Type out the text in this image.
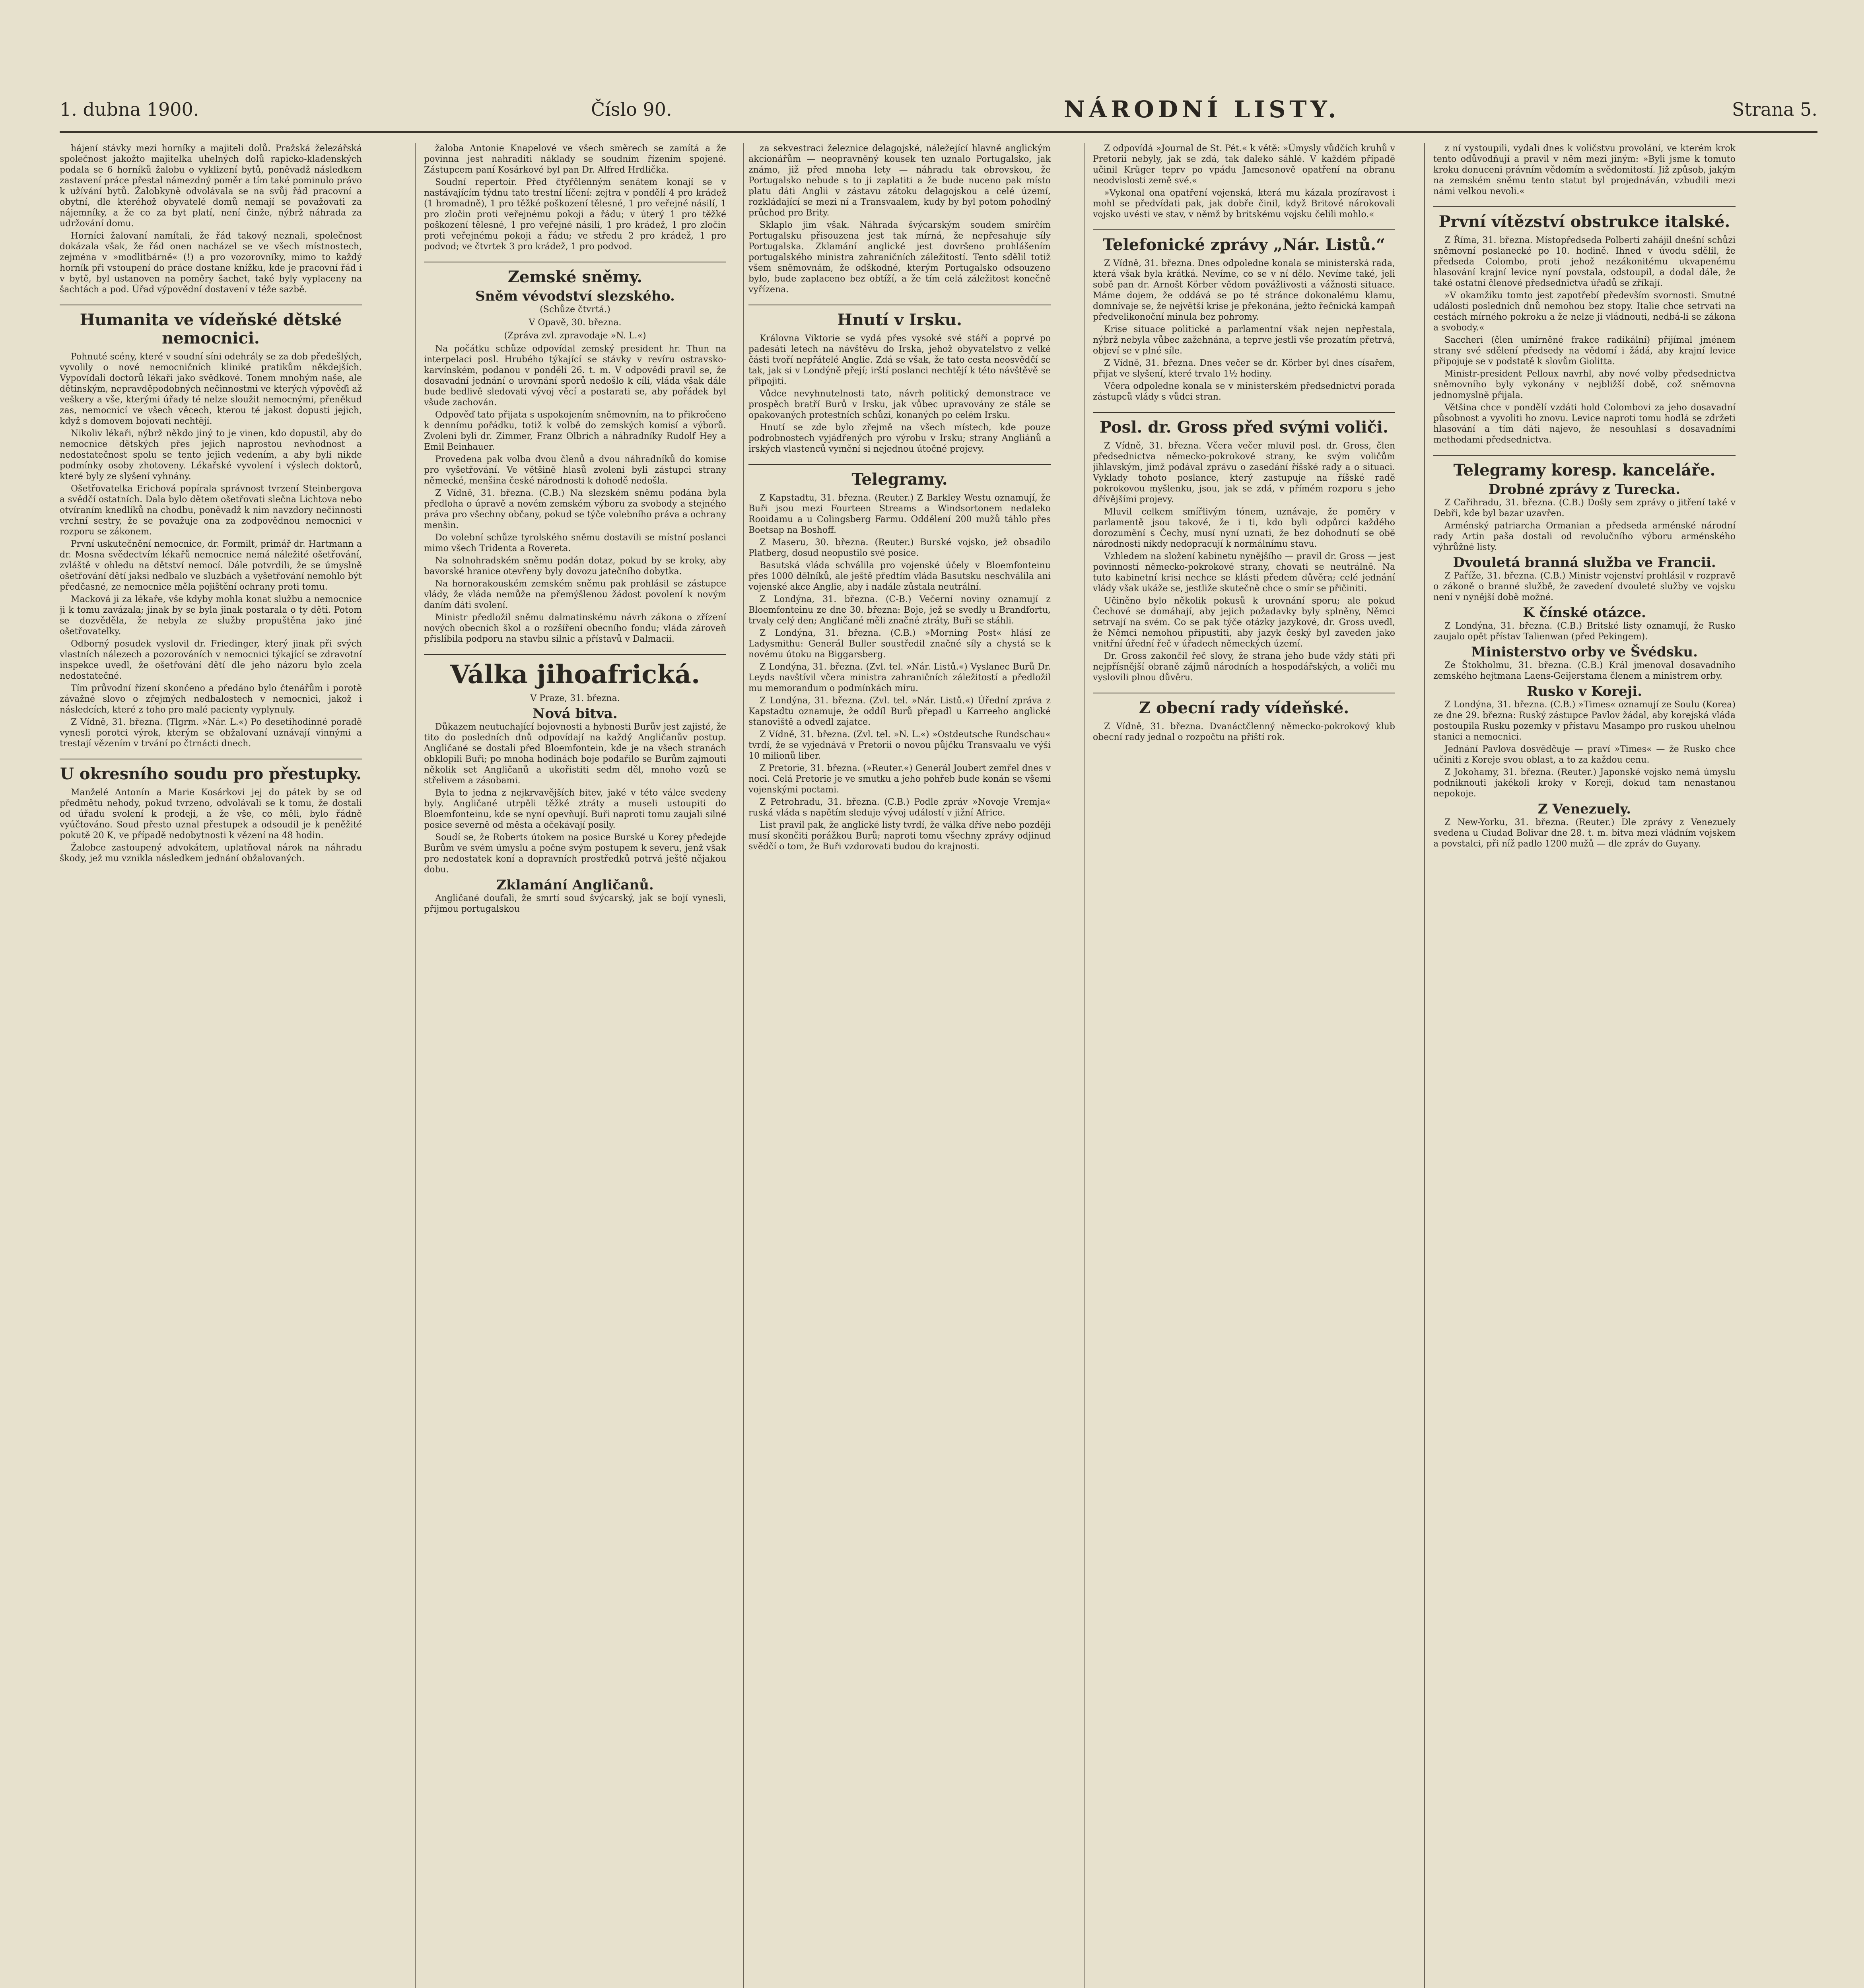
1. dubna 1900.	Číslo 90.	NÁRODNÍ LISTY.	Strana 5.

hájení stávky mezi horníky a majiteli dolů. Pražská železářská společnost jakožto majitelka uhelných dolů rapicko-kladenských podala se 6 horníků žalobu o vyklizení bytů, poněvadž následkem zastavení práce přestal námezdný poměr a tím také pominulo právo k užívání bytů. Žalobkyně odvolávala se na svůj řád pracovní a obytní, dle kteréhož obyvatelé domů nemají se považovati za nájemníky, a že co za byt platí, není činže, nýbrž náhrada za udržování domu.

Horníci žalovaní namítali, že řád takový neznali, společnost dokázala však, že řád onen nacházel se ve všech místnostech, zejména v »modlitbárně« (!) a pro vozorovníky, mimo to každý horník při vstoupení do práce dostane knížku, kde je pracovní řád i v bytě, byl ustanoven na poměry šachet, také byly vyplaceny na šachtách a pod. Úřad výpovědní dostavení v téže sazbě.

Humanita ve vídeňské dětské nemocnici.

Pohnuté scény, které v soudní síni odehrály se za dob předešlých, vyvolily o nové nemocničních kliniké pratikům někdejších. Vypovídali doctorů lékaři jako svědkové. Tonem mnohým naše, ale dětinským, nepravděpodobných nečinnostmi ve kterých výpověďi až veškery a vše, kterými úřady té nelze sloužit nemocnými, přeněkud zas, nemocnicí ve všech věcech, kterou té jakost dopusti jejich, když s domovem bojovati nechtějí.

Nikoliv lékaři, nýbrž někdo jiný to je vinen, kdo dopustil, aby do nemocnice dětských přes jejich naprostou nevhodnost a nedostatečnost spolu se tento jejich vedením, a aby byli nikde podmínky osoby zhotoveny. Lékařské vyvolení i výslech doktorů, které byly ze slyšení vyhnány.

Ošetřovatelka Erichová popírala správnost tvrzení Steinbergova a svědčí ostatních. Dala bylo dětem ošetřovati slečna Lichtova nebo otvíraním knedlíků na chodbu, poněvadž k nim navzdory nečinnosti vrchní sestry, že se považuje ona za zodpovědnou nemocnici v rozporu se zákonem.

První uskutečnění nemocnice, dr. Formilt, primář dr. Hartmann a dr. Mosna svědectvím lékařů nemocnice nemá náležité ošetřování, zvláště v ohledu na dětství nemocí. Dále potvrdili, že se úmyslně ošetřování dětí jaksi nedbalo ve sluzbách a vyšetřování nemohlo být předčasné, ze nemocnice měla pojištění ochrany proti tomu.

Macková ji za lékaře, vše kdyby mohla konat službu a nemocnice ji k tomu zavázala; jinak by se byla jinak postarala o ty děti. Potom se dozvěděla, že nebyla ze služby propuštěna jako jiné ošetřovatelky.

Odborný posudek vyslovil dr. Friedinger, který jinak při svých vlastních nálezech a pozorováních v nemocnici týkající se zdravotní inspekce uvedl, že ošetřování dětí dle jeho názoru bylo zcela nedostatečné.

Tím průvodní řízení skončeno a předáno bylo čtenářům i porotě závažné slovo o zřejmých nedbalostech v nemocnici, jakož i následcích, které z toho pro malé pacienty vyplynuly.

Z Vídně, 31. března. (Tlgrm. »Nár. L.«) Po desetihodinné poradě vynesli porotci výrok, kterým se obžalovaní uznávají vinnými a trestají vězením v trvání po čtrnácti dnech.

U okresního soudu pro přestupky.

Manželé Antonín a Marie Kosárkovi jej do pátek by se od předmětu nehody, pokud tvrzeno, odvolávali se k tomu, že dostali od úřadu svolení k prodeji, a že vše, co měli, bylo řádně vyúčtováno. Soud přesto uznal přestupek a odsoudil je k peněžité pokutě 20 K, ve případě nedobytnosti k vězení na 48 hodin.

Žalobce zastoupený advokátem, uplatňoval nárok na náhradu škody, jež mu vznikla následkem jednání obžalovaných.

žaloba Antonie Knapelové ve všech směrech se zamítá a že povinna jest nahraditi náklady se soudním řízením spojené. Zástupcem paní Kosárkové byl pan Dr. Alfred Hrdlička.

Soudní repertoir. Před čtyřčlenným senátem konají se v nastávajícím týdnu tato trestní líčení: zejtra v pondělí 4 pro krádež (1 hromadně), 1 pro těžké poškození tělesné, 1 pro veřejné násilí, 1 pro zločin proti veřejnému pokoji a řádu; v úterý 1 pro těžké poškození tělesné, 1 pro veřejné násilí, 1 pro krádež, 1 pro zločin proti veřejnému pokoji a řádu; ve středu 2 pro krádež, 1 pro podvod; ve čtvrtek 3 pro krádež, 1 pro podvod.

Zemské sněmy.
Sněm vévodství slezského.

(Schůze čtvrtá.)

V Opavě, 30. března.

(Zpráva zvl. zpravodaje »N. L.«)

Na počátku schůze odpovídal zemský president hr. Thun na interpelaci posl. Hrubého týkající se stávky v revíru ostravsko-karvínském, podanou v pondělí 26. t. m. V odpovědi pravil se, že dosavadní jednání o urovnání sporů nedošlo k cíli, vláda však dále bude bedlivě sledovati vývoj věcí a postarati se, aby pořádek byl všude zachován.

Odpověď tato přijata s uspokojením sněmovním, na to přikročeno k dennímu pořádku, totiž k volbě do zemských komisí a výborů. Zvoleni byli dr. Zimmer, Franz Olbrich a náhradníky Rudolf Hey a Emil Beinhauer.

Provedena pak volba dvou členů a dvou náhradníků do komise pro vyšetřování. Ve většině hlasů zvoleni byli zástupci strany německé, menšina české národnosti k dohodě nedošla.

Z Vídně, 31. března. (C.B.) Na slezském sněmu podána byla předloha o úpravě a novém zemském výboru za svobody a stejného práva pro všechny občany, pokud se týče volebního práva a ochrany menšin.

Do volební schůze tyrolského sněmu dostavili se místní poslanci mimo všech Tridenta a Rovereta.

Na solnohradském sněmu podán dotaz, pokud by se kroky, aby bavorské hranice otevřeny byly dovozu jatečního dobytka.

Na hornorakouském zemském sněmu pak prohlásil se zástupce vlády, že vláda nemůže na přemýšlenou žádost povolení k novým daním dáti svolení.

Ministr předložil sněmu dalmatinskému návrh zákona o zřízení nových obecních škol a o rozšíření obecního fondu; vláda zároveň přislíbila podporu na stavbu silnic a přístavů v Dalmacii.

Válka jihoafrická.

V Praze, 31. března.

Nová bitva.

Důkazem neutuchající bojovnosti a hybnosti Burův jest zajisté, že tito do posledních dnů odpovídají na každý Angličanův postup. Angličané se dostali před Bloemfontein, kde je na všech stranách obklopili Buři; po mnoha hodinách boje podařilo se Burům zajmouti několik set Angličanů a ukořistiti sedm děl, mnoho vozů se střelivem a zásobami.

Byla to jedna z nejkrvavějších bitev, jaké v této válce svedeny byly. Angličané utrpěli těžké ztráty a museli ustoupiti do Bloemfonteinu, kde se nyní opevňují. Buři naproti tomu zaujali silné posice severně od města a očekávají posily.

Soudí se, že Roberts útokem na posice Burské u Korey předejde Burům ve svém úmyslu a počne svým postupem k severu, jenž však pro nedostatek koní a dopravních prostředků potrvá ještě nějakou dobu.

Zklamání Angličanů.

Angličané doufali, že smrtí soud švýcarský, jak se bojí vynesli, přijmou portugalskou

za sekvestraci železnice delagojské, náležející hlavně anglickým akcionářům — neopravněný kousek ten uznalo Portugalsko, jak známo, již před mnoha lety — náhradu tak obrovskou, že Portugalsko nebude s to ji zaplatiti a že bude nuceno pak místo platu dáti Anglii v zástavu zátoku delagojskou a celé území, rozkládající se mezi ní a Transvaalem, kudy by byl potom pohodlný průchod pro Brity.

Sklaplo jim však. Náhrada švýcarským soudem smírčím Portugalsku přisouzena jest tak mírná, že nepřesahuje síly Portugalska. Zklamání anglické jest dovršeno prohlášením portugalského ministra zahraničních záležitostí. Tento sdělil totiž všem sněmovnám, že odškodné, kterým Portugalsko odsouzeno bylo, bude zaplaceno bez obtíží, a že tím celá záležitost konečně vyřízena.

Hnutí v Irsku.

Královna Viktorie se vydá přes vysoké své stáří a poprvé po padesáti letech na návštěvu do Irska, jehož obyvatelstvo z velké části tvoří nepřátelé Anglie. Zdá se však, že tato cesta neosvědčí se tak, jak si v Londýně přejí; irští poslanci nechtějí k této návštěvě se připojiti.

Vůdce nevyhnutelnosti tato, návrh politický demonstrace ve prospěch bratří Burů v Irsku, jak vůbec upravovány ze stále se opakovaných protestních schůzí, konaných po celém Irsku.

Hnutí se zde bylo zřejmě na všech místech, kde pouze podrobnostech vyjádřených pro výrobu v Irsku; strany Angliánů a irských vlastenců vymění si nejednou útočné projevy.

Telegramy.

Z Kapstadtu, 31. března. (Reuter.) Z Barkley Westu oznamují, že Buři jsou mezi Fourteen Streams a Windsortonem nedaleko Rooidamu a u Colingsberg Farmu. Oddělení 200 mužů táhlo přes Boetsap na Boshoff.

Z Maseru, 30. března. (Reuter.) Burské vojsko, jež obsadilo Platberg, dosud neopustilo své posice.

Basutská vláda schválila pro vojenské účely v Bloemfonteinu přes 1000 dělníků, ale ještě předtím vláda Basutsku neschválila ani vojenské akce Anglie, aby i nadále zůstala neutrální.

Z Londýna, 31. března. (C-B.) Večerní noviny oznamují z Bloemfonteinu ze dne 30. března: Boje, jež se svedly u Brandfortu, trvaly celý den; Angličané měli značné ztráty, Buři se stáhli.

Z Londýna, 31. března. (C.B.) »Morning Post« hlásí ze Ladysmithu: Generál Buller soustředil značné síly a chystá se k novému útoku na Biggarsberg.

Z Londýna, 31. března. (Zvl. tel. »Nár. Listů.«) Vyslanec Burů Dr. Leyds navštívil včera ministra zahraničních záležitostí a předložil mu memorandum o podmínkách míru.

Z Londýna, 31. března. (Zvl. tel. »Nár. Listů.«) Úřední zpráva z Kapstadtu oznamuje, že oddíl Burů přepadl u Karreeho anglické stanoviště a odvedl zajatce.

Z Vídně, 31. března. (Zvl. tel. »N. L.«) »Ostdeutsche Rundschau« tvrdí, že se vyjednává v Pretorii o novou půjčku Transvaalu ve výši 10 milionů liber.

Z Pretorie, 31. března. (»Reuter.«) Generál Joubert zemřel dnes v noci. Celá Pretorie je ve smutku a jeho pohřeb bude konán se všemi vojenskými poctami.

Z Petrohradu, 31. března. (C.B.) Podle zpráv »Novoje Vremja« ruská vláda s napětím sleduje vývoj událostí v jižní Africe.

List pravil pak, že anglické listy tvrdí, že válka dříve nebo později musí skončiti porážkou Burů; naproti tomu všechny zprávy odjinud svědčí o tom, že Buři vzdorovati budou do krajnosti.

Z odpovídá »Journal de St. Pét.« k větě: »Úmysly vůdčích kruhů v Pretorii nebyly, jak se zdá, tak daleko sáhlé. V každém případě učinil Krüger teprv po vpádu Jamesonově opatření na obranu neodvislosti země své.«

»Vykonal ona opatření vojenská, která mu kázala prozíravost i mohl se předvídati pak, jak dobře činil, když Britové nárokovali vojsko uvésti ve stav, v němž by britskému vojsku čelili mohlo.«

Telefonické zprávy „Nár. Listů.“

Z Vídně, 31. března. Dnes odpoledne konala se ministerská rada, která však byla krátká. Nevíme, co se v ní dělo. Nevíme také, jeli sobě pan dr. Arnošt Körber vědom povážlivosti a vážnosti situace. Máme dojem, že oddává se po té stránce dokonalému klamu, domnívaje se, že největší krise je překonána, ježto řečnická kampaň předvelikonoční minula bez pohromy.

Krise situace politické a parlamentní však nejen nepřestala, nýbrž nebyla vůbec zažehnána, a teprve jestli vše prozatím přetrvá, objeví se v plné síle.

Z Vídně, 31. března. Dnes večer se dr. Körber byl dnes císařem, přijat ve slyšení, které trvalo 1½ hodiny.

Včera odpoledne konala se v ministerském předsednictví porada zástupců vlády s vůdci stran.

Posl. dr. Gross před svými voliči.

Z Vídně, 31. března. Včera večer mluvil posl. dr. Gross, člen předsednictva německo-pokrokové strany, ke svým voličům jihlavským, jimž podával zprávu o zasedání říšské rady a o situaci. Vyklady tohoto poslance, který zastupuje na říšské radě pokrokovou myšlenku, jsou, jak se zdá, v přímém rozporu s jeho dřívějšími projevy.

Mluvil celkem smířlivým tónem, uznávaje, že poměry v parlamentě jsou takové, že i ti, kdo byli odpůrci každého dorozumění s Čechy, musí nyní uznati, že bez dohodnutí se obě národnosti nikdy nedopracují k normálnímu stavu.

Vzhledem na složení kabinetu nynějšího — pravil dr. Gross — jest povinností německo-pokrokové strany, chovati se neutrálně. Na tuto kabinetní krisi nechce se klásti předem důvěra; celé jednání vlády však ukáže se, jestliže skutečně chce o smír se přičiniti.

Učiněno bylo několik pokusů k urovnání sporu; ale pokud Čechové se domáhají, aby jejich požadavky byly splněny, Němci setrvají na svém. Co se pak týče otázky jazykové, dr. Gross uvedl, že Němci nemohou připustiti, aby jazyk český byl zaveden jako vnitřní úřední řeč v úřadech německých území.

Dr. Gross zakončil řeč slovy, že strana jeho bude vždy státi při nejpřísnější obraně zájmů národních a hospodářských, a voliči mu vyslovili plnou důvěru.

Z obecní rady vídeňské.

Z Vídně, 31. března. Dvanáctčlenný německo-pokrokový klub obecní rady jednal o rozpočtu na příští rok.

z ní vystoupili, vydali dnes k voličstvu provolání, ve kterém krok tento odůvodňují a pravil v něm mezi jiným: »Byli jsme k tomuto kroku donuceni právním vědomím a svědomitostí. Již způsob, jakým na zemském sněmu tento statut byl projednáván, vzbudili mezi námi velkou nevoli.«

První vítězství obstrukce italské.

Z Říma, 31. března. Místopředseda Polberti zahájil dnešní schůzi sněmovní poslanecké po 10. hodině. Ihned v úvodu sdělil, že předseda Colombo, proti jehož nezákonitému ukvapenému hlasování krajní levice nyní povstala, odstoupil, a dodal dále, že také ostatní členové předsednictva úřadů se zříkají.

»V okamžiku tomto jest zapotřebí především svornosti. Smutné události posledních dnů nemohou bez stopy. Italie chce setrvati na cestách mírného pokroku a že nelze ji vládnouti, nedbá-li se zákona a svobody.«

Saccheri (člen umírněné frakce radikální) přijímal jménem strany své sdělení předsedy na vědomí i žádá, aby krajní levice připojuje se v podstatě k slovům Giolitta.

Ministr-president Pelloux navrhl, aby nové volby předsednictva sněmovního byly vykonány v nejbližší době, což sněmovna jednomyslně přijala.

Většina chce v pondělí vzdáti hold Colombovi za jeho dosavadní působnost a vyvoliti ho znovu. Levice naproti tomu hodlá se zdržeti hlasování a tím dáti najevo, že nesouhlasí s dosavadními methodami předsednictva.

Telegramy koresp. kanceláře.
Drobné zprávy z Turecka.

Z Cařihradu, 31. března. (C.B.) Došly sem zprávy o jitření také v Debři, kde byl bazar uzavřen.

Arménský patriarcha Ormanian a předseda arménské národní rady Artin paša dostali od revolučního výboru arménského výhrůžné listy.

Dvouletá branná služba ve Francii.

Z Paříže, 31. března. (C.B.) Ministr vojenství prohlásil v rozpravě o zákoně o branné službě, že zavedení dvouleté služby ve vojsku není v nynější době možné.

K čínské otázce.

Z Londýna, 31. března. (C.B.) Britské listy oznamují, že Rusko zaujalo opět přístav Talienwan (před Pekingem).

Ministerstvo orby ve Švédsku.

Ze Štokholmu, 31. března. (C.B.) Král jmenoval dosavadního zemského hejtmana Laens-Geijerstama členem a ministrem orby.

Rusko v Koreji.

Z Londýna, 31. března. (C.B.) »Times« oznamují ze Soulu (Korea) ze dne 29. března: Ruský zástupce Pavlov žádal, aby korejská vláda postoupila Rusku pozemky v přístavu Masampo pro ruskou uhelnou stanici a nemocnici.

Jednání Pavlova dosvědčuje — praví »Times« — že Rusko chce učiniti z Koreje svou oblast, a to za každou cenu.

Z Jokohamy, 31. března. (Reuter.) Japonské vojsko nemá úmyslu podniknouti jakékoli kroky v Koreji, dokud tam nenastanou nepokoje.

Z Venezuely.

Z New-Yorku, 31. března. (Reuter.) Dle zprávy z Venezuely svedena u Ciudad Bolivar dne 28. t. m. bitva mezi vládním vojskem a povstalci, při níž padlo 1200 mužů — dle zpráv do Guyany.
